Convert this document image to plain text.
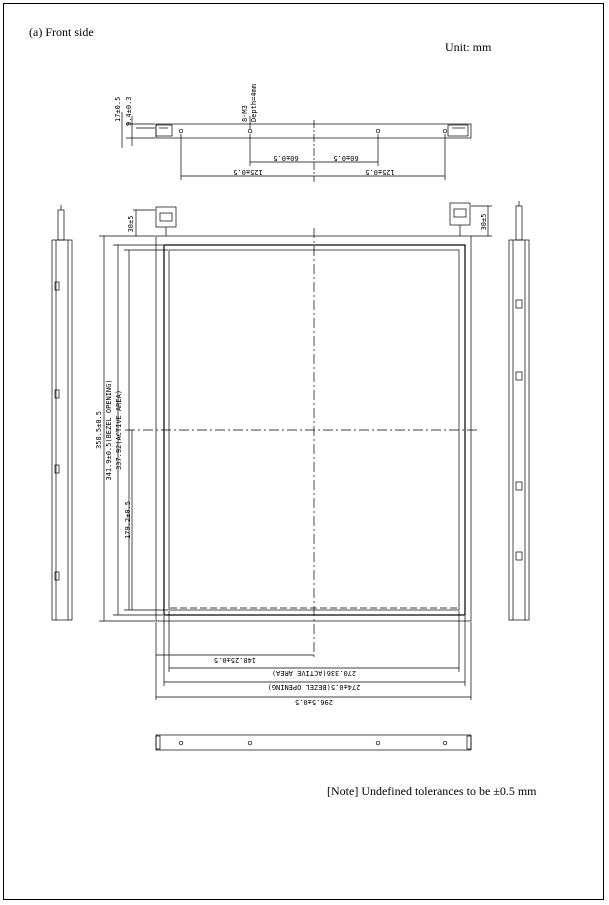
(a) Front side
Unit: mm
[Note] Undefined tolerances to be ±0.5 mm
8-M3 Depth=4mm
17±0.5 9.4±0.3
60±0.5	60±0.5
125±0.5	125±0.5
30±5	30±5
358.5±0.5 341.9±0.5(BEZEL OPENING) 337.92(ACTIVE AREA)
179.2±0.5
148.25±0.5
270.336(ACTIVE AREA)
274±0.5(BEZEL OPENING)
296.5±0.5
